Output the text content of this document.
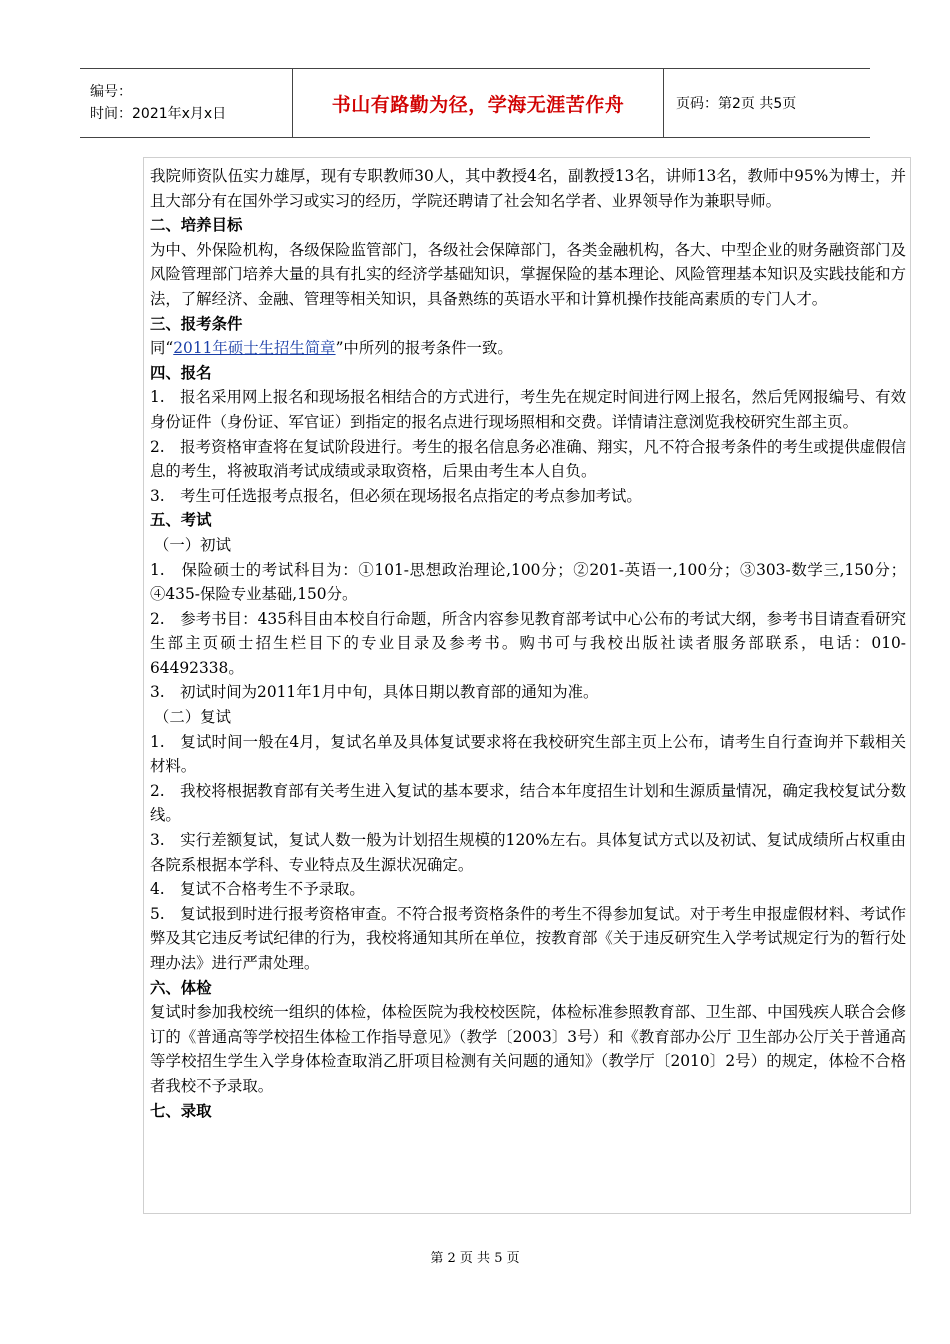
编号：
时间：2021年x月x日	书山有路勤为径，学海无涯苦作舟	页码：第2页 共5页

我院师资队伍实力雄厚，现有专职教师30人，其中教授4名，副教授13名，讲师13名，教师中95%为博士，并且大部分有在国外学习或实习的经历，学院还聘请了社会知名学者、业界领导作为兼职导师。

二、培养目标

为中、外保险机构，各级保险监管部门，各级社会保障部门，各类金融机构，各大、中型企业的财务融资部门及风险管理部门培养大量的具有扎实的经济学基础知识，掌握保险的基本理论、风险管理基本知识及实践技能和方法，了解经济、金融、管理等相关知识，具备熟练的英语水平和计算机操作技能高素质的专门人才。

三、报考条件

同“2011年硕士生招生简章”中所列的报考条件一致。

四、报名

1.　报名采用网上报名和现场报名相结合的方式进行，考生先在规定时间进行网上报名，然后凭网报编号、有效身份证件（身份证、军官证）到指定的报名点进行现场照相和交费。详情请注意浏览我校研究生部主页。

2.　报考资格审查将在复试阶段进行。考生的报名信息务必准确、翔实，凡不符合报考条件的考生或提供虚假信息的考生，将被取消考试成绩或录取资格，后果由考生本人自负。

3.　考生可任选报考点报名，但必须在现场报名点指定的考点参加考试。

五、考试

（一）初试

1.　保险硕士的考试科目为：①101-思想政治理论,100分；②201-英语一,100分；③303-数学三,150分；④435-保险专业基础,150分。

2.　参考书目：435科目由本校自行命题，所含内容参见教育部考试中心公布的考试大纲，参考书目请查看研究生部主页硕士招生栏目下的专业目录及参考书。购书可与我校出版社读者服务部联系，电话：010-64492338。

3.　初试时间为2011年1月中旬，具体日期以教育部的通知为准。

（二）复试

1.　复试时间一般在4月，复试名单及具体复试要求将在我校研究生部主页上公布，请考生自行查询并下载相关材料。

2.　我校将根据教育部有关考生进入复试的基本要求，结合本年度招生计划和生源质量情况，确定我校复试分数线。

3.　实行差额复试，复试人数一般为计划招生规模的120%左右。具体复试方式以及初试、复试成绩所占权重由各院系根据本学科、专业特点及生源状况确定。

4.　复试不合格考生不予录取。

5.　复试报到时进行报考资格审查。不符合报考资格条件的考生不得参加复试。对于考生申报虚假材料、考试作弊及其它违反考试纪律的行为，我校将通知其所在单位，按教育部《关于违反研究生入学考试规定行为的暂行处理办法》进行严肃处理。

六、体检

复试时参加我校统一组织的体检，体检医院为我校校医院，体检标准参照教育部、卫生部、中国残疾人联合会修订的《普通高等学校招生体检工作指导意见》（教学〔2003〕3号）和《教育部办公厅 卫生部办公厅关于普通高等学校招生学生入学身体检查取消乙肝项目检测有关问题的通知》（教学厅〔2010〕2号）的规定，体检不合格者我校不予录取。

七、录取

第 2 页 共 5 页
